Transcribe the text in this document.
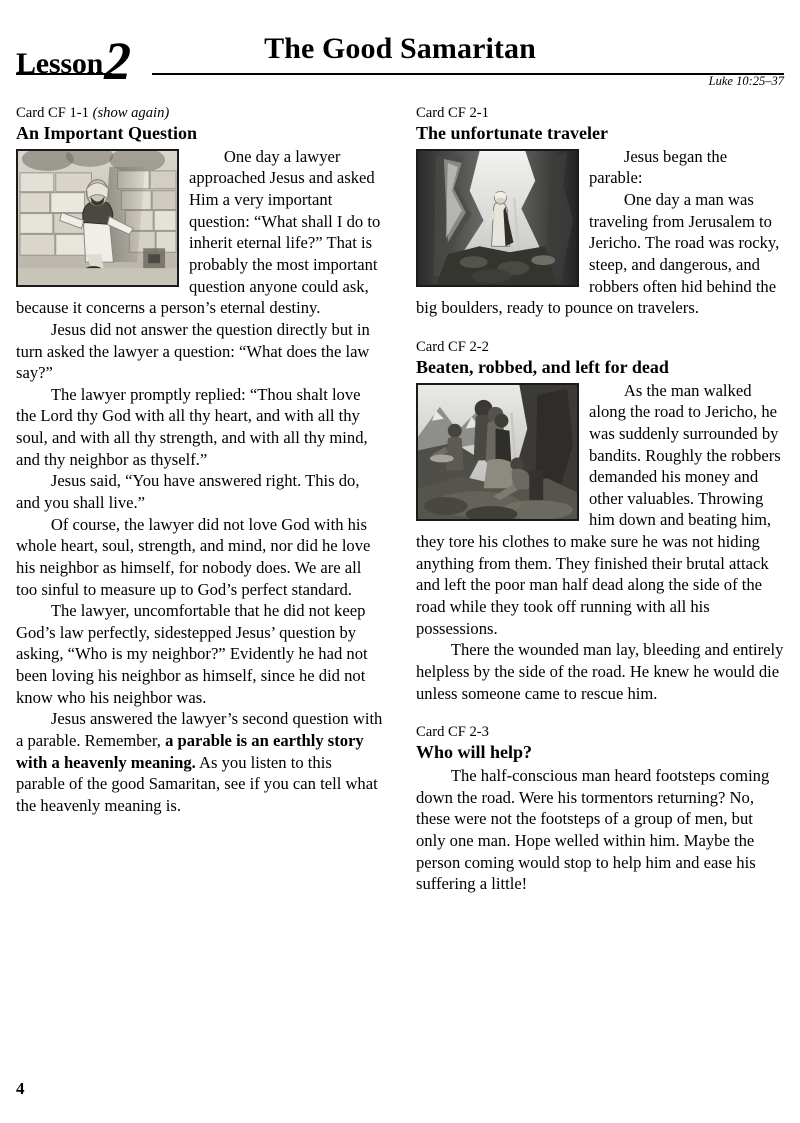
Lesson 2	The Good Samaritan
Luke 10:25–37

Card CF 1-1 (show again)

An Important Question

One day a lawyer approached Jesus and asked Him a very important question: “What shall I do to inherit eternal life?” That is probably the most important question anyone could ask, because it concerns a person’s eternal destiny.

Jesus did not answer the question directly but in turn asked the lawyer a question: “What does the law say?”

The lawyer promptly replied: “Thou shalt love the Lord thy God with all thy heart, and with all thy soul, and with all thy strength, and with all thy mind, and thy neighbor as thyself.”

Jesus said, “You have answered right. This do, and you shall live.”

Of course, the lawyer did not love God with his whole heart, soul, strength, and mind, nor did he love his neighbor as himself, for nobody does. We are all too sinful to measure up to God’s perfect standard.

The lawyer, uncomfortable that he did not keep God’s law perfectly, sidestepped Jesus’ question by asking, “Who is my neighbor?” Evidently he had not been loving his neighbor as himself, since he did not know who his neighbor was.

Jesus answered the lawyer’s second question with a parable. Remember, a parable is an earthly story with a heavenly meaning. As you listen to this parable of the good Samaritan, see if you can tell what the heavenly meaning is.

Card CF 2-1

The unfortunate traveler

Jesus began the parable:

One day a man was traveling from Jerusalem to Jericho. The road was rocky, steep, and dangerous, and robbers often hid behind the big boulders, ready to pounce on travelers.

Card CF 2-2

Beaten, robbed, and left for dead

As the man walked along the road to Jericho, he was suddenly surrounded by bandits. Roughly the robbers demanded his money and other valuables. Throwing him down and beating him, they tore his clothes to make sure he was not hiding anything from them. They finished their brutal attack and left the poor man half dead along the side of the road while they took off running with all his possessions.

There the wounded man lay, bleeding and entirely helpless by the side of the road. He knew he would die unless someone came to rescue him.

Card CF 2-3

Who will help?

The half-conscious man heard footsteps coming down the road. Were his tormentors returning? No, these were not the footsteps of a group of men, but only one man. Hope welled within him. Maybe the person coming would stop to help him and ease his suffering a little!

4
